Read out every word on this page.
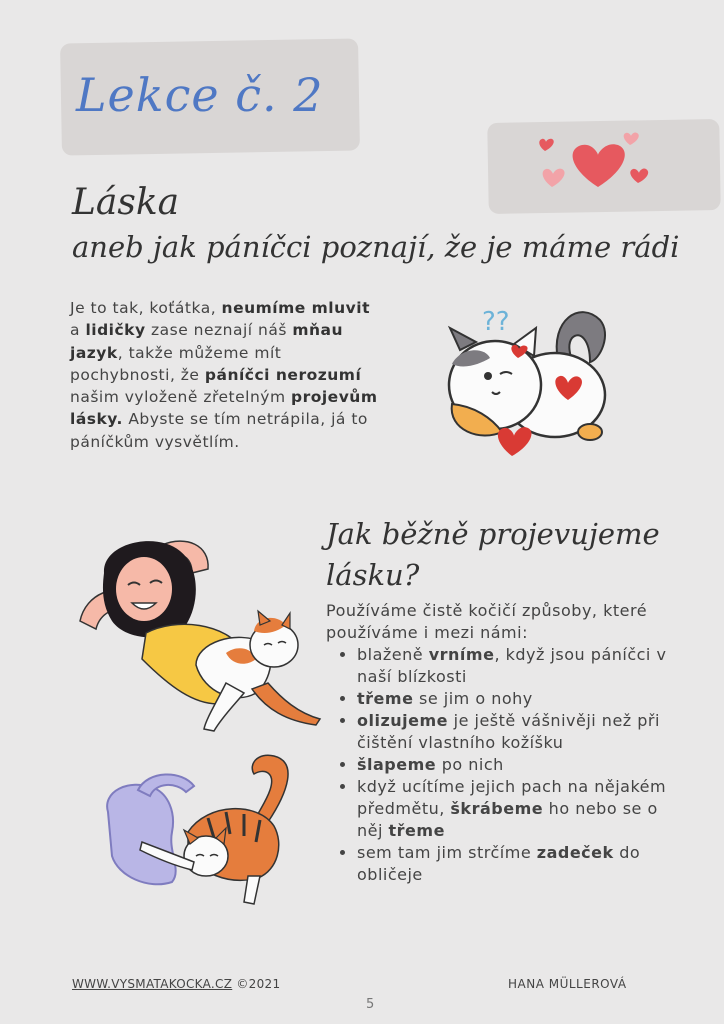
Lekce č. 2
Láska
aneb jak páníčci poznají, že je máme rádi
Je to tak, koťátka, neumíme mluvit a lidičky zase neznají náš mňau jazyk, takže můžeme mít pochybnosti, že páníčci nerozumí našim vyloženě zřetelným projevům lásky. Abyste se tím netrápila, já to páníčkům vysvětlím.
??
Jak běžně projevujeme lásku?
Používáme čistě kočičí způsoby, které používáme i mezi námi:
• blaženě vrníme, když jsou páníčci v naší blízkosti
• třeme se jim o nohy
• olizujeme je ještě vášnivěji než při čištění vlastního kožíšku
• šlapeme po nich
• když ucítíme jejich pach na nějakém předmětu, škrábeme ho nebo se o něj třeme
• sem tam jim strčíme zadeček do obličeje
WWW.VYSMATAKOCKA.CZ ©2021	HANA MÜLLEROVÁ
5
